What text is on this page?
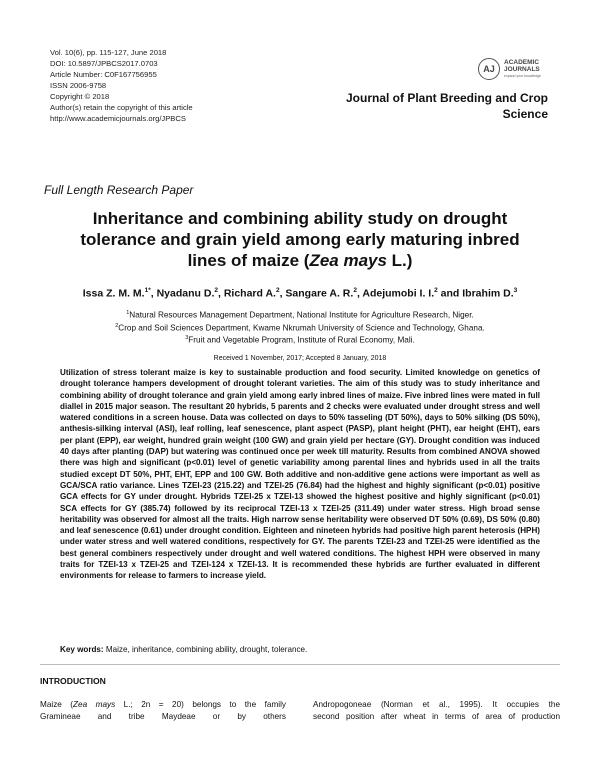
Vol. 10(6), pp. 115-127, June 2018
DOI: 10.5897/JPBCS2017.0703
Article Number: C0F167756955
ISSN 2006-9758
Copyright © 2018
Author(s) retain the copyright of this article
http://www.academicjournals.org/JPBCS
AJ
ACADEMIC
JOURNALS
expand your knowledge
Journal of Plant Breeding and Crop
Science
Full Length Research Paper
Inheritance and combining ability study on drought
tolerance and grain yield among early maturing inbred
lines of maize (Zea mays L.)
Issa Z. M. M.$^{1*}$, Nyadanu D.$^2$, Richard A.$^2$, Sangare A. R.$^2$, Adejumobi I. I.$^2$ and Ibrahim D.$^3$
$^1$Natural Resources Management Department, National Institute for Agriculture Research, Niger.
$^2$Crop and Soil Sciences Department, Kwame Nkrumah University of Science and Technology, Ghana.
$^3$Fruit and Vegetable Program, Institute of Rural Economy, Mali.
Received 1 November, 2017; Accepted 8 January, 2018
Utilization of stress tolerant maize is key to sustainable production and food security. Limited knowledge on genetics of drought tolerance hampers development of drought tolerant varieties. The aim of this study was to study inheritance and combining ability of drought tolerance and grain yield among early inbred lines of maize. Five inbred lines were mated in full diallel in 2015 major season. The resultant 20 hybrids, 5 parents and 2 checks were evaluated under drought stress and well watered conditions in a screen house. Data was collected on days to 50% tasseling (DT 50%), days to 50% silking (DS 50%), anthesis-silking interval (ASI), leaf rolling, leaf senescence, plant aspect (PASP), plant height (PHT), ear height (EHT), ears per plant (EPP), ear weight, hundred grain weight (100 GW) and grain yield per hectare (GY). Drought condition was induced 40 days after planting (DAP) but watering was continued once per week till maturity. Results from combined ANOVA showed there was high and significant (p<0.01) level of genetic variability among parental lines and hybrids used in all the traits studied except DT 50%, PHT, EHT, EPP and 100 GW. Both additive and non-additive gene actions were important as well as GCA/SCA ratio variance. Lines TZEI-23 (215.22) and TZEI-25 (76.84) had the highest and highly significant (p<0.01) positive GCA effects for GY under drought. Hybrids TZEI-25 x TZEI-13 showed the highest positive and highly significant (p<0.01) SCA effects for GY (385.74) followed by its reciprocal TZEI-13 x TZEI-25 (311.49) under water stress. High broad sense heritability was observed for almost all the traits. High narrow sense heritability were observed DT 50% (0.69), DS 50% (0.80) and leaf senescence (0.61) under drought condition. Eighteen and nineteen hybrids had positive high parent heterosis (HPH) under water stress and well watered conditions, respectively for GY. The parents TZEI-23 and TZEI-25 were identified as the best general combiners respectively under drought and well watered conditions. The highest HPH were observed in many traits for TZEI-13 x TZEI-25 and TZEI-124 x TZEI-13. It is recommended these hybrids are further evaluated in different environments for release to farmers to increase yield.
Key words: Maize, inheritance, combining ability, drought, tolerance.
INTRODUCTION
Maize (Zea mays L.; 2n = 20) belongs to the family
Gramineae and tribe Maydeae or by others
Andropogoneae (Norman et al., 1995). It occupies the
second position after wheat in terms of area of production
